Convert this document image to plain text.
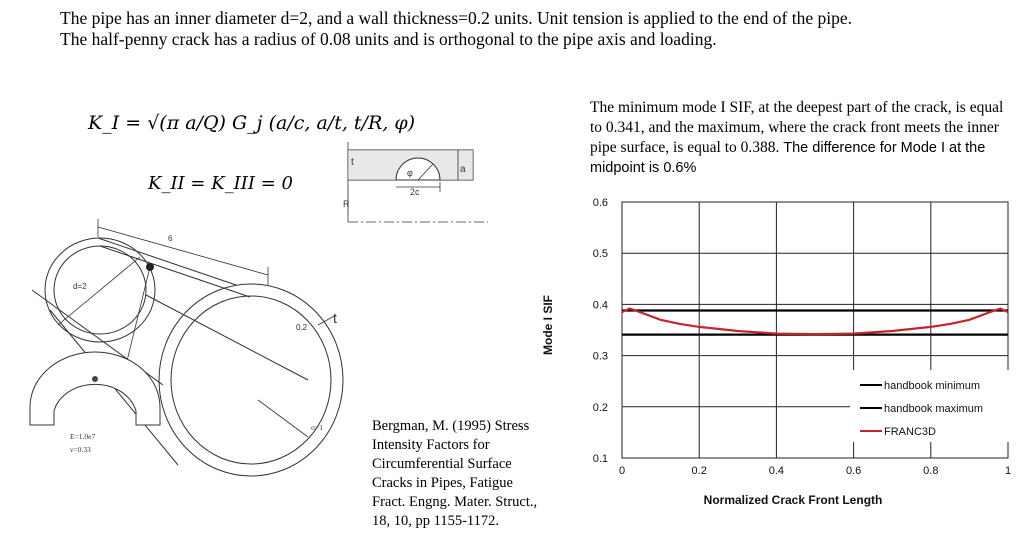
The pipe has an inner diameter d=2, and a wall thickness=0.2 units. Unit tension is applied to the end of the pipe.
The half-penny crack has a radius of 0.08 units and is orthogonal to the pipe axis and loading.
K_I = √(π a/Q) G_j (a/c, a/t, t/R, φ)
K_II = K_III = 0
t
a
φ
2c
R
6
d=2
0.2
t
σ=1
E=1.0e7
ν=0.33
The minimum mode I SIF, at the deepest part of the crack, is equal to 0.341, and the maximum, where the crack front meets the inner pipe surface, is equal to 0.388. The difference for Mode I at the midpoint is 0.6%
Bergman, M. (1995) Stress
Intensity Factors for
Circumferential Surface
Cracks in Pipes, Fatigue
Fract. Engng. Mater. Struct.,
18, 10, pp 1155-1172.
0	0.2	0.4	0.6	0.8	1
0.1
0.2
0.3
0.4
0.5
0.6
Mode I SIF
Normalized Crack Front Length
handbook minimum
handbook maximum
FRANC3D
